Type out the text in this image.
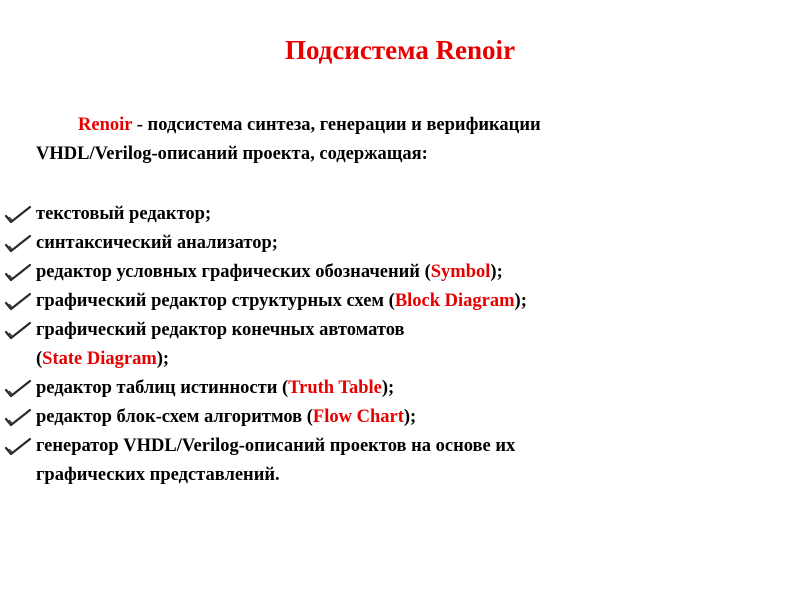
Подсистема Renoir
Renoir - подсистема синтеза, генерации и верификации
VHDL/Verilog-описаний проекта, содержащая:
текстовый редактор;
синтаксический анализатор;
редактор условных графических обозначений (Symbol);
графический редактор структурных схем (Block Diagram);
графический редактор конечных автоматов
(State Diagram);
редактор таблиц истинности (Truth Table);
редактор блок-схем алгоритмов (Flow Chart);
генератор VHDL/Verilog-описаний проектов на основе их
графических представлений.
